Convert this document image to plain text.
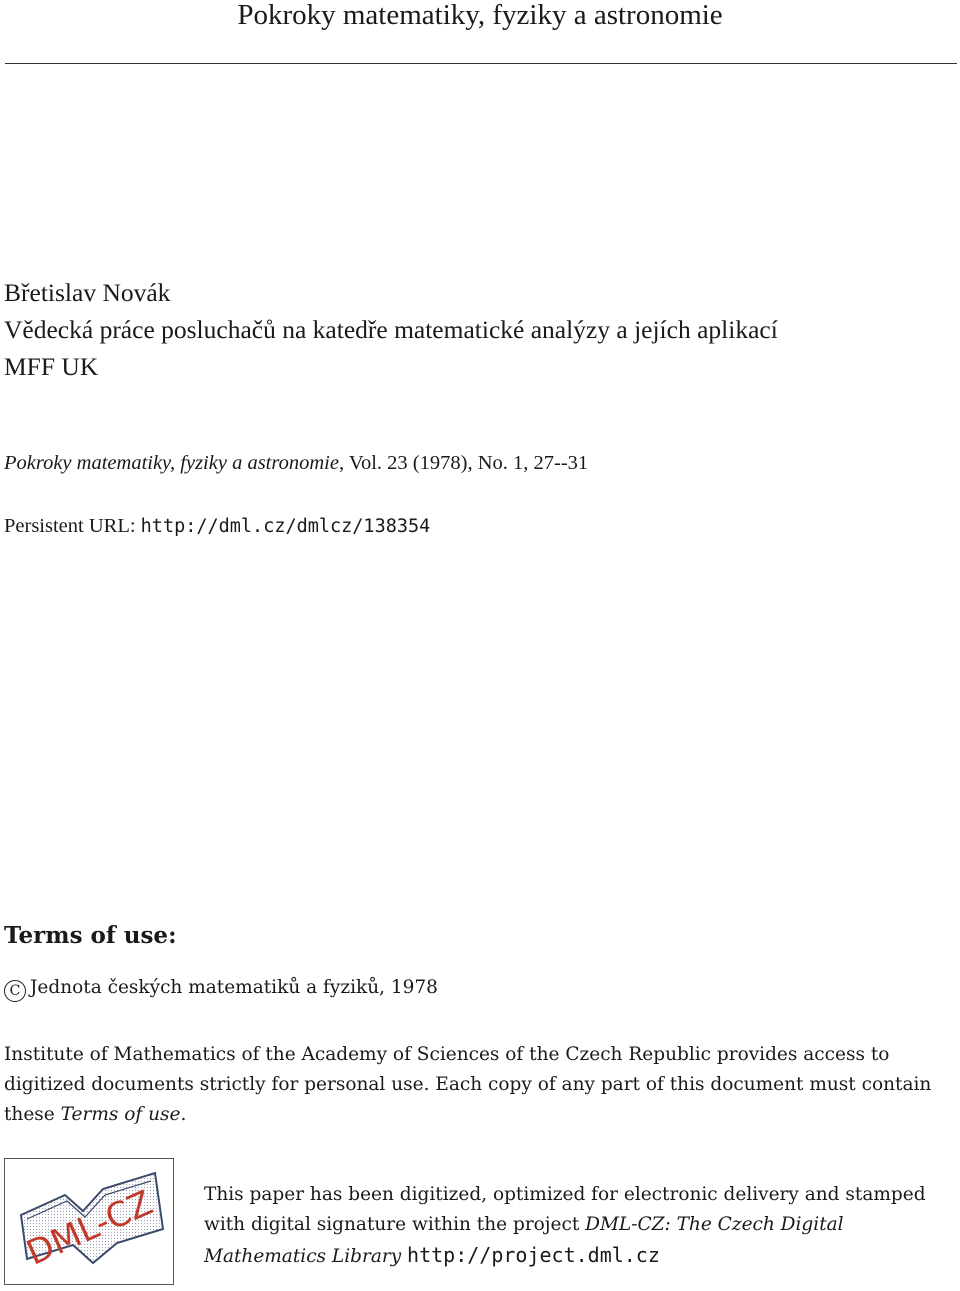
Pokroky matematiky, fyziky a astronomie
Břetislav Novák
Vědecká práce posluchačů na katedře matematické analýzy a jejích aplikací
MFF UK
Pokroky matematiky, fyziky a astronomie, Vol. 23 (1978), No. 1, 27--31
Persistent URL: http://dml.cz/dmlcz/138354
Terms of use:
C Jednota českých matematiků a fyziků, 1978
Institute of Mathematics of the Academy of Sciences of the Czech Republic provides access to digitized documents strictly for personal use. Each copy of any part of this document must contain these Terms of use.
DML-CZ This paper has been digitized, optimized for electronic delivery and stamped with digital signature within the project DML-CZ: The Czech Digital Mathematics Library http://project.dml.cz
